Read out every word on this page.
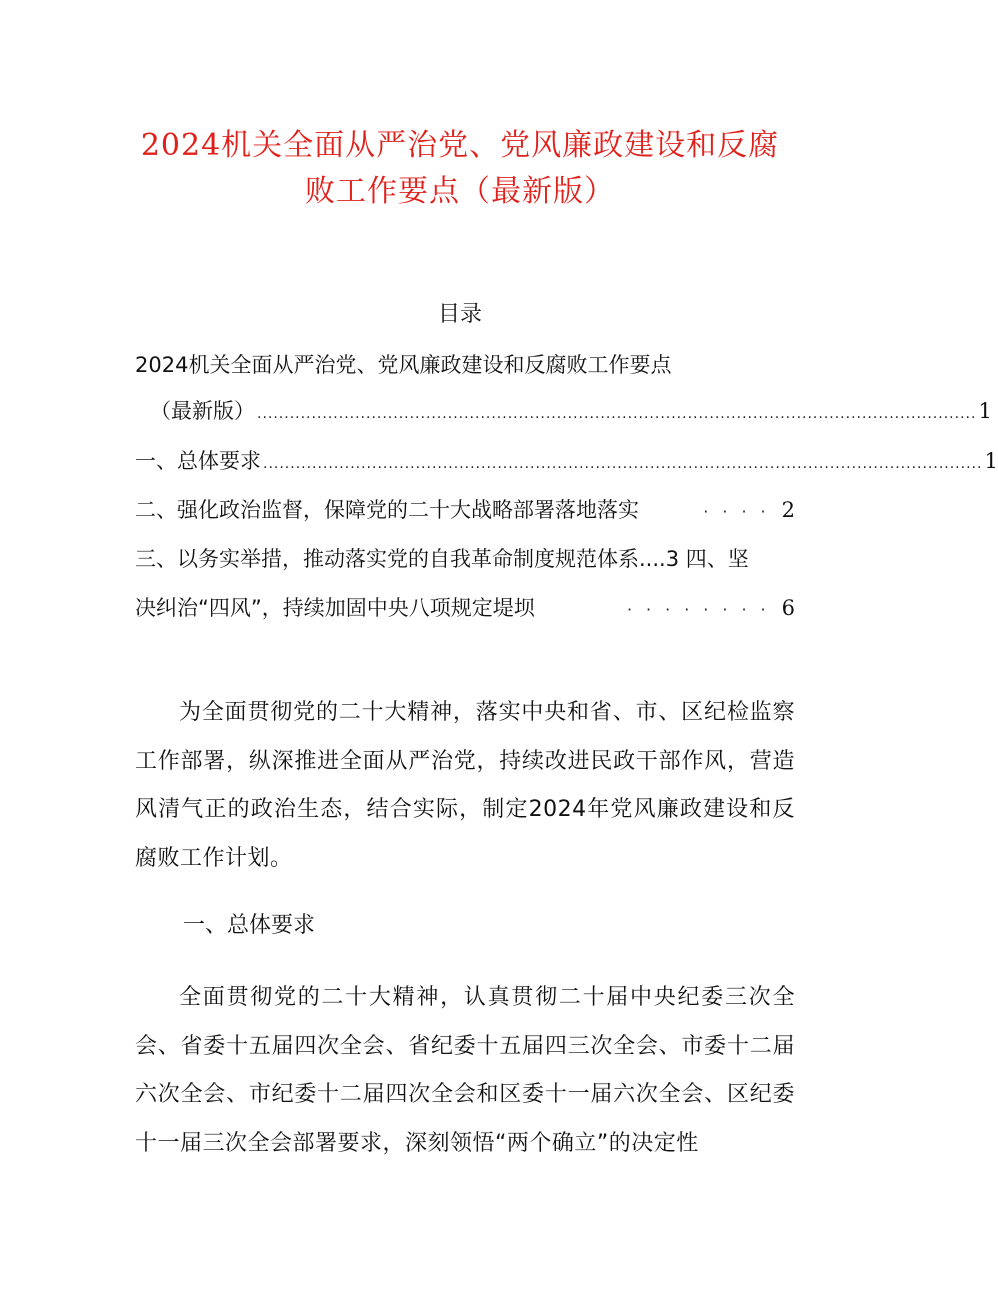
2024机关全面从严治党、党风廉政建设和反腐
败工作要点（最新版）
目录
2024机关全面从严治党、党风廉政建设和反腐败工作要点
（最新版） .................................................................................................................................... 1
一、总体要求 .................................................................................................................................... 1
二、强化政治监督，保障党的二十大战略部署落地落实	···· 2
三、以务实举措，推动落实党的自我革命制度规范体系....3 四、坚
决纠治“四风”，持续加固中央八项规定堤坝	········ 6

为全面贯彻党的二十大精神，落实中央和省、市、区纪检监察工作部署，纵深推进全面从严治党，持续改进民政干部作风，营造风清气正的政治生态，结合实际，制定2024年党风廉政建设和反腐败工作计划。

一、总体要求

全面贯彻党的二十大精神，认真贯彻二十届中央纪委三次全会、省委十五届四次全会、省纪委十五届四三次全会、市委十二届六次全会、市纪委十二届四次全会和区委十一届六次全会、区纪委十一届三次全会部署要求，深刻领悟“两个确立”的决定性
